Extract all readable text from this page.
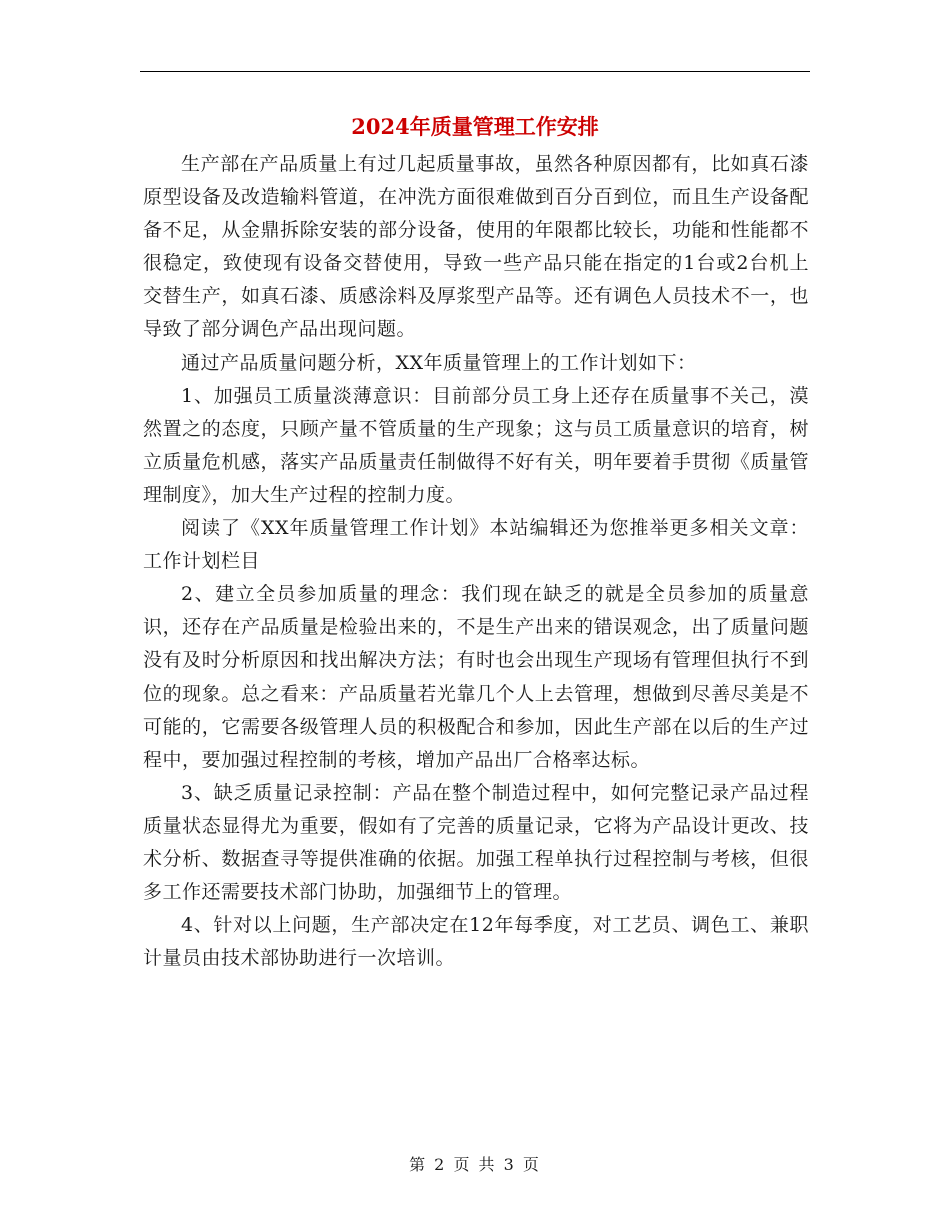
2024年质量管理工作安排

生产部在产品质量上有过几起质量事故，虽然各种原因都有，比如真石漆原型设备及改造输料管道，在冲洗方面很难做到百分百到位，而且生产设备配备不足，从金鼎拆除安装的部分设备，使用的年限都比较长，功能和性能都不很稳定，致使现有设备交替使用，导致一些产品只能在指定的1台或2台机上交替生产，如真石漆、质感涂料及厚浆型产品等。还有调色人员技术不一，也导致了部分调色产品出现问题。

通过产品质量问题分析，XX年质量管理上的工作计划如下：

1、加强员工质量淡薄意识：目前部分员工身上还存在质量事不关己，漠然置之的态度，只顾产量不管质量的生产现象；这与员工质量意识的培育，树立质量危机感，落实产品质量责任制做得不好有关，明年要着手贯彻《质量管理制度》，加大生产过程的控制力度。

阅读了《XX年质量管理工作计划》本站编辑还为您推举更多相关文章：工作计划栏目

2、建立全员参加质量的理念：我们现在缺乏的就是全员参加的质量意识，还存在产品质量是检验出来的，不是生产出来的错误观念，出了质量问题没有及时分析原因和找出解决方法；有时也会出现生产现场有管理但执行不到位的现象。总之看来：产品质量若光靠几个人上去管理，想做到尽善尽美是不可能的，它需要各级管理人员的积极配合和参加，因此生产部在以后的生产过程中，要加强过程控制的考核，增加产品出厂合格率达标。

3、缺乏质量记录控制：产品在整个制造过程中，如何完整记录产品过程质量状态显得尤为重要，假如有了完善的质量记录，它将为产品设计更改、技术分析、数据查寻等提供准确的依据。加强工程单执行过程控制与考核，但很多工作还需要技术部门协助，加强细节上的管理。

4、针对以上问题，生产部决定在12年每季度，对工艺员、调色工、兼职计量员由技术部协助进行一次培训。

第 2 页 共 3 页
